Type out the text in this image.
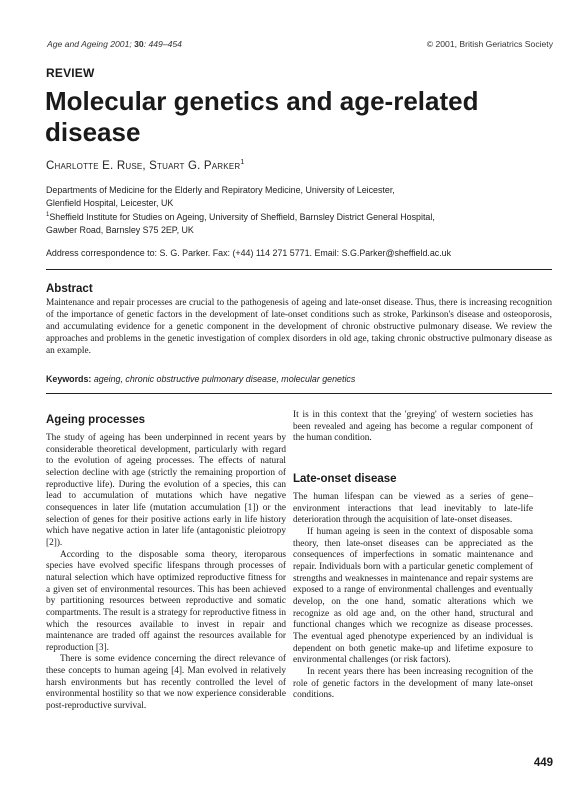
Age and Ageing 2001; 30: 449–454	© 2001, British Geriatrics Society
REVIEW
Molecular genetics and age-related disease
Charlotte E. Ruse, Stuart G. Parker$^1$
Departments of Medicine for the Elderly and Repiratory Medicine, University of Leicester,
Glenfield Hospital, Leicester, UK
$^1$Sheffield Institute for Studies on Ageing, University of Sheffield, Barnsley District General Hospital,
Gawber Road, Barnsley S75 2EP, UK
Address correspondence to: S. G. Parker. Fax: (+44) 114 271 5771. Email: S.G.Parker@sheffield.ac.uk
Abstract

Maintenance and repair processes are crucial to the pathogenesis of ageing and late-onset disease. Thus, there is increasing recognition of the importance of genetic factors in the development of late-onset conditions such as stroke, Parkinson's disease and osteoporosis, and accumulating evidence for a genetic component in the development of chronic obstructive pulmonary disease. We review the approaches and problems in the genetic investigation of complex disorders in old age, taking chronic obstructive pulmonary disease as an example.

Keywords: ageing, chronic obstructive pulmonary disease, molecular genetics
Ageing processes
The study of ageing has been underpinned in recent years by considerable theoretical development, particularly with regard to the evolution of ageing processes. The effects of natural selection decline with age (strictly the remaining proportion of reproductive life). During the evolution of a species, this can lead to accumulation of mutations which have negative consequences in later life (mutation accumulation [1]) or the selection of genes for their positive actions early in life history which have negative action in later life (antagonistic pleiotropy [2]).
According to the disposable soma theory, iteroparous species have evolved specific lifespans through processes of natural selection which have optimized reproductive fitness for a given set of environmental resources. This has been achieved by partitioning resources between reproductive and somatic compartments. The result is a strategy for reproductive fitness in which the resources available to invest in repair and maintenance are traded off against the resources available for reproduction [3].
There is some evidence concerning the direct relevance of these concepts to human ageing [4]. Man evolved in relatively harsh environments but has recently controlled the level of environmental hostility so that we now experience considerable post-reproductive survival.
It is in this context that the 'greying' of western societies has been revealed and ageing has become a regular component of the human condition.
Late-onset disease
The human lifespan can be viewed as a series of gene–environment interactions that lead inevitably to late-life deterioration through the acquisition of late-onset diseases.
If human ageing is seen in the context of disposable soma theory, then late-onset diseases can be appreciated as the consequences of imperfections in somatic maintenance and repair. Individuals born with a particular genetic complement of strengths and weaknesses in maintenance and repair systems are exposed to a range of environmental challenges and eventually develop, on the one hand, somatic alterations which we recognize as old age and, on the other hand, structural and functional changes which we recognize as disease processes. The eventual aged phenotype experienced by an individual is dependent on both genetic make-up and lifetime exposure to environmental challenges (or risk factors).
In recent years there has been increasing recognition of the role of genetic factors in the development of many late-onset conditions.
449
